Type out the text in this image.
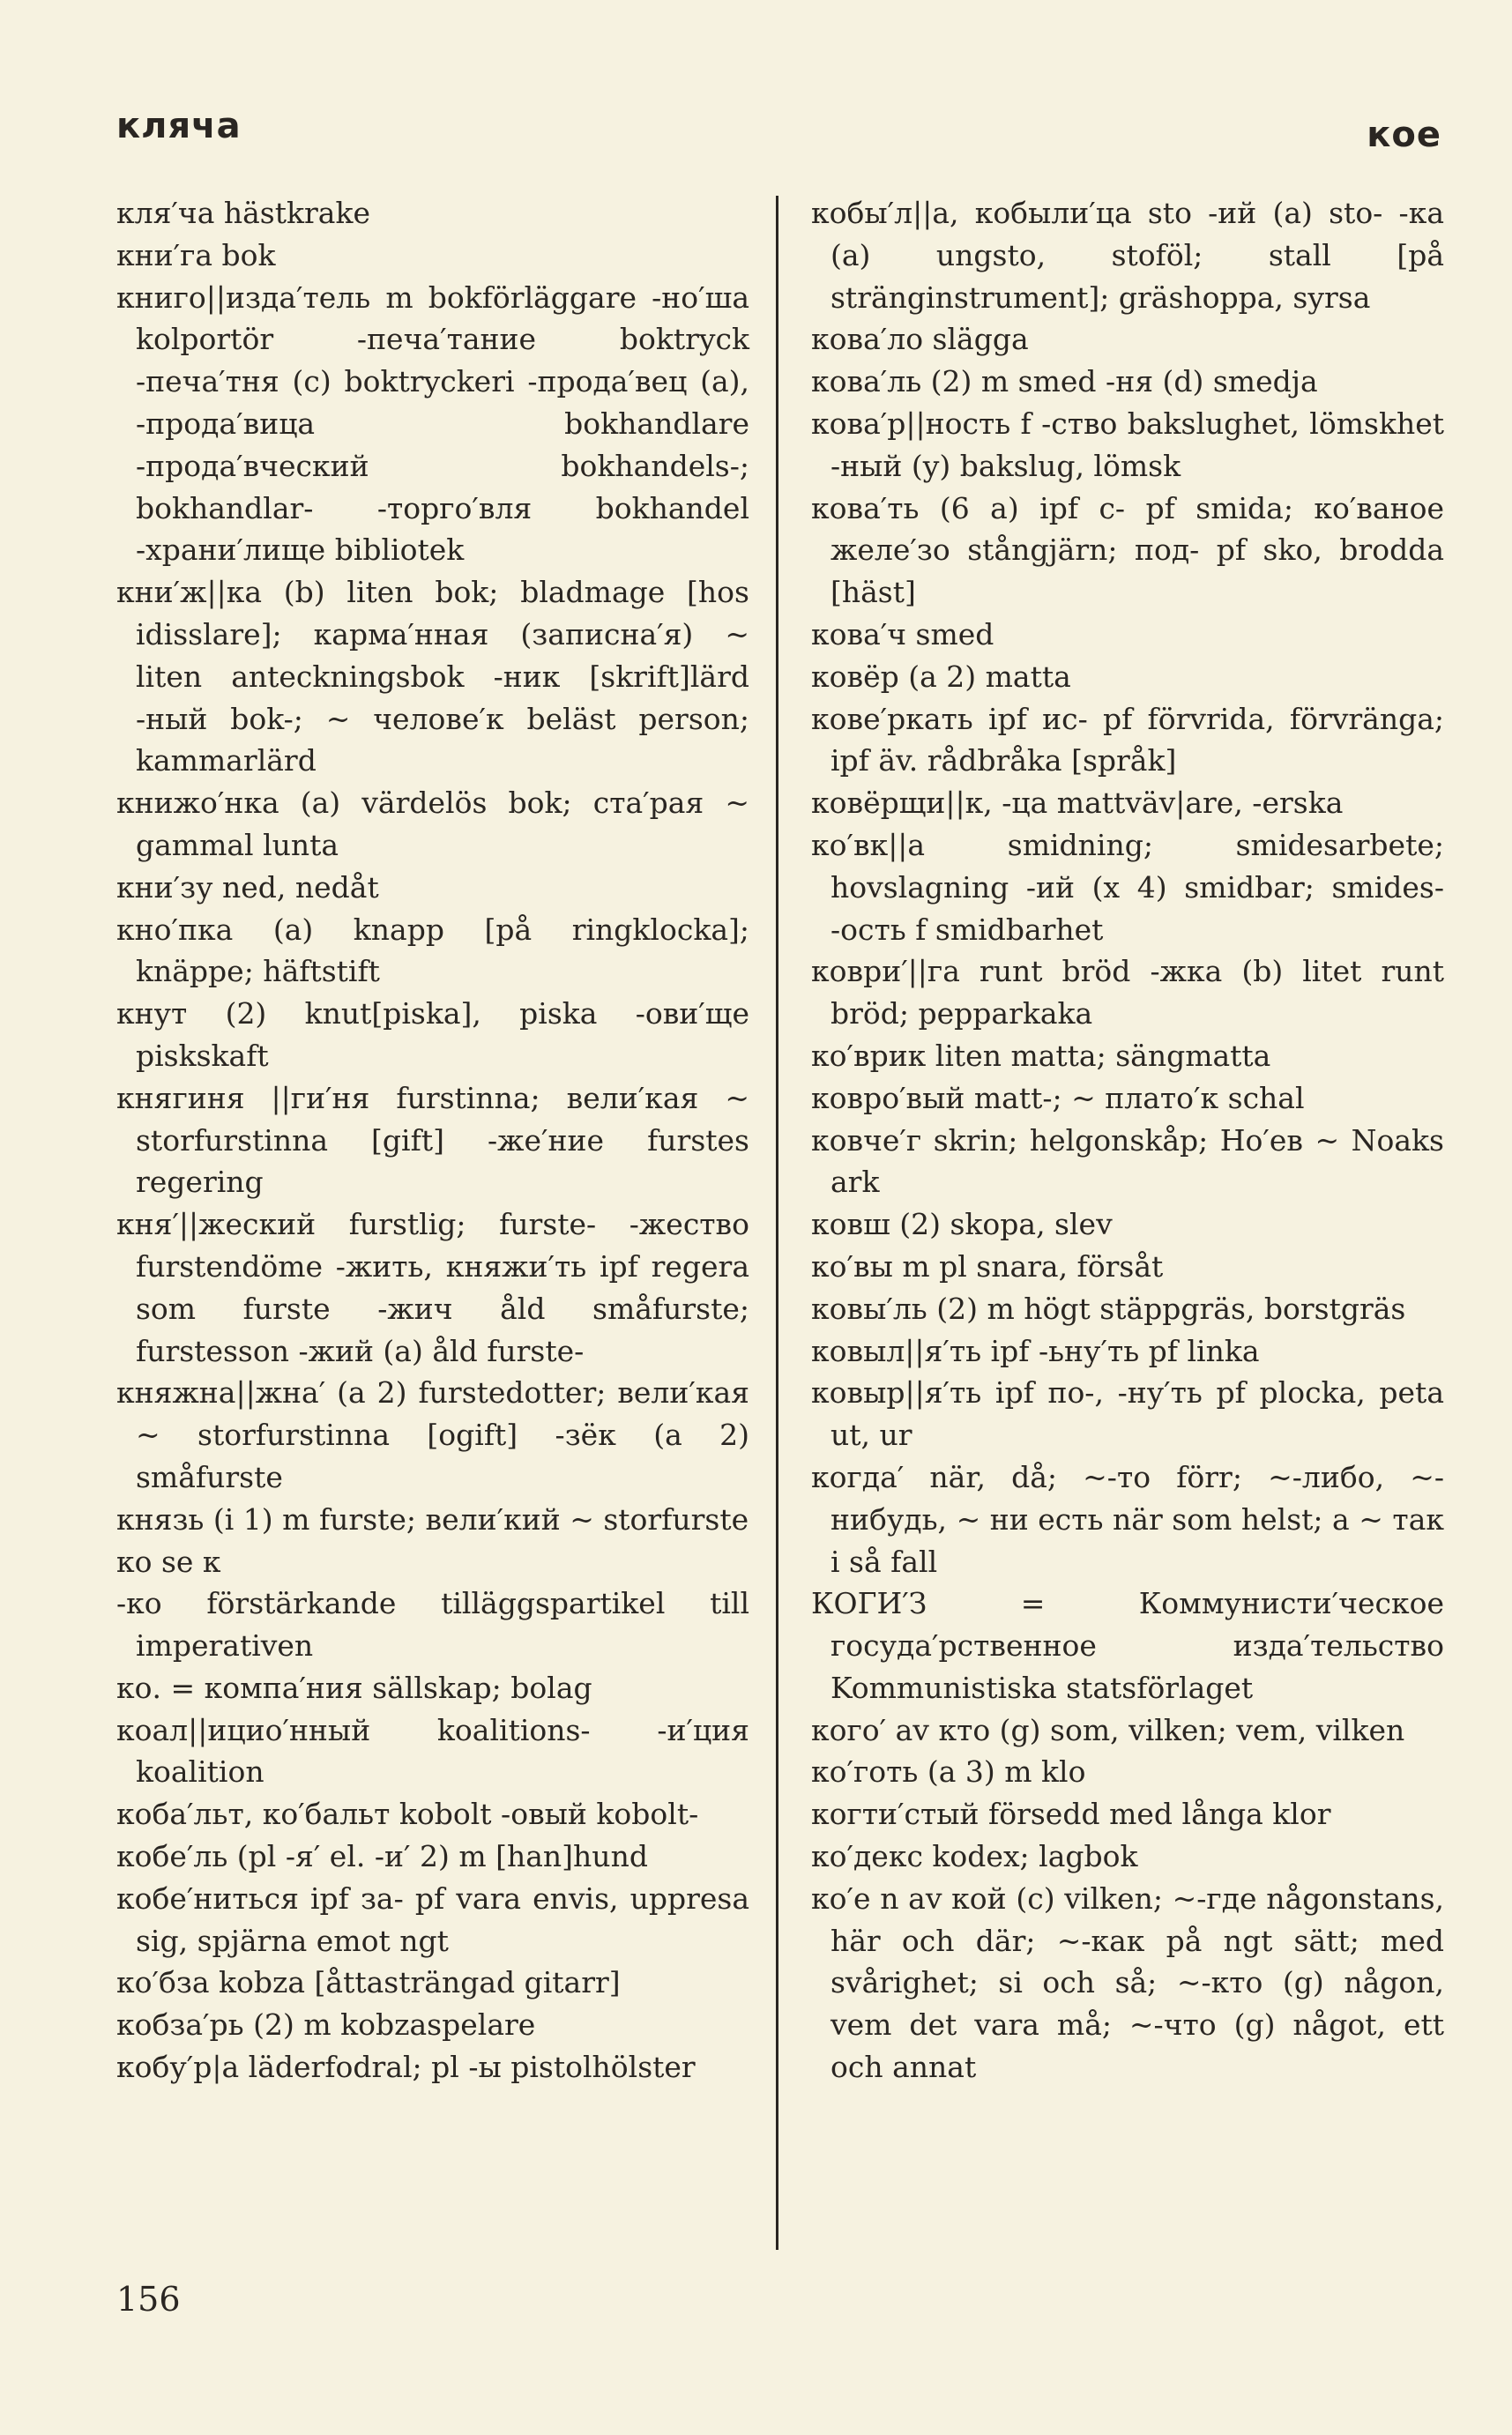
кляча	кое
кля′ча hästkrake
кни′га bok
книго||изда′тель m bokförläggare -но′ша kolportör -печа′тание boktryck -печа′тня (c) boktryckeri -прода′вец (a), -прода′вица bokhandlare -прода′вческий bokhandels-; bokhandlar- -торго′вля bokhandel -храни′лище bibliotek
кни′ж||ка (b) liten bok; bladmage [hos idisslare]; карма′нная (записна′я) ~ liten anteckningsbok -ник [skrift]lärd -ный bok-; ~ челове′к beläst person; kammarlärd
книжо′нка (a) värdelös bok; ста′рая ~ gammal lunta
кни′зу ned, nedåt
кно′пка (a) knapp [på ringklocka]; knäppe; häftstift
кнут (2) knut[piska], piska -ови′ще piskskaft
княгиня ||ги′ня furstinna; вели′кая ~ storfurstinna [gift] -же′ние furstes regering
кня′||жеский furstlig; furste- -жество furstendöme -жить, княжи′ть ipf regera som furste -жич åld småfurste; furstesson -жий (a) åld furste-
княжна||жна′ (a 2) furstedotter; вели′кая ~ storfurstinna [ogift] -зёк (a 2) småfurste
князь (i 1) m furste; вели′кий ~ storfurste
ко se к
-ко förstärkande tilläggspartikel till imperativen
ко. = компа′ния sällskap; bolag
коал||ицио′нный koalitions- -и′ция koalition
коба′льт, ко′бальт kobolt -овый kobolt-
кобе′ль (pl -я′ el. -и′ 2) m [han]hund
кобе′ниться ipf за- pf vara envis, uppresa sig, spjärna emot ngt
ко′бза kobza [åttasträngad gitarr]
кобза′рь (2) m kobzaspelare
кобу′р|а läderfodral; pl -ы pistolhölster
кобы′л||а, кобыли′ца sto -ий (a) sto- -ка (a) ungsto, stoföl; stall [på stränginstrument]; gräshoppa, syrsa
кова′ло slägga
кова′ль (2) m smed -ня (d) smedja
кова′р||ность f -ство bakslughet, lömskhet -ный (y) bakslug, lömsk
кова′ть (6 a) ipf с- pf smida; ко′ваное желе′зо stångjärn; под- pf sko, brodda [häst]
кова′ч smed
ковёр (a 2) matta
кове′ркать ipf ис- pf förvrida, förvränga; ipf äv. rådbråka [språk]
ковёрщи||к, -ца mattväv|are, -erska
ко′вк||а smidning; smidesarbete; hovslagning -ий (x 4) smidbar; smides- -ость f smidbarhet
коври′||га runt bröd -жка (b) litet runt bröd; pepparkaka
ко′врик liten matta; sängmatta
ковро′вый matt-; ~ плато′к schal
ковче′г skrin; helgonskåp; Но′ев ~ Noaks ark
ковш (2) skopa, slev
ко′вы m pl snara, försåt
ковы′ль (2) m högt stäppgräs, borstgräs
ковыл||я′ть ipf -ьну′ть pf linka
ковыр||я′ть ipf по-, -ну′ть pf plocka, peta ut, ur
когда′ när, då; ~-то förr; ~-либо, ~-нибудь, ~ ни есть när som helst; а ~ так i så fall
КОГИ′З = Коммунисти′ческое госуда′рственное изда′тельство Kommunistiska statsförlaget
кого′ av кто (g) som, vilken; vem, vilken
ко′готь (a 3) m klo
когти′стый försedd med långa klor
ко′декс kodex; lagbok
ко′е n av кой (c) vilken; ~-где någonstans, här och där; ~-как på ngt sätt; med svårighet; si och så; ~-кто (g) någon, vem det vara må; ~-что (g) något, ett och annat
156
